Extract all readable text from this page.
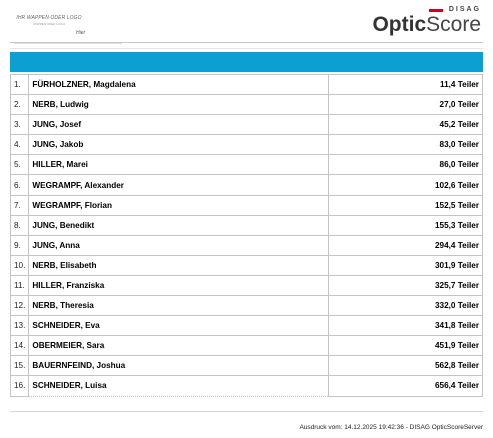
IHR WAPPEN ODER LOGO
WAPPEN ODER LOGO
Hier
DISAG
OpticScore
1.	FÜRHOLZNER, Magdalena	11,4 Teiler
2.	NERB, Ludwig	27,0 Teiler
3.	JUNG, Josef	45,2 Teiler
4.	JUNG, Jakob	83,0 Teiler
5.	HILLER, Marei	86,0 Teiler
6.	WEGRAMPF, Alexander	102,6 Teiler
7.	WEGRAMPF, Florian	152,5 Teiler
8.	JUNG, Benedikt	155,3 Teiler
9.	JUNG, Anna	294,4 Teiler
10.	NERB, Elisabeth	301,9 Teiler
11.	HILLER, Franziska	325,7 Teiler
12.	NERB, Theresia	332,0 Teiler
13.	SCHNEIDER, Eva	341,8 Teiler
14.	OBERMEIER, Sara	451,9 Teiler
15.	BAUERNFEIND, Joshua	562,8 Teiler
16.	SCHNEIDER, Luisa	656,4 Teiler
Ausdruck vom: 14.12.2025 19:42:36 - DISAG OpticScoreServer
